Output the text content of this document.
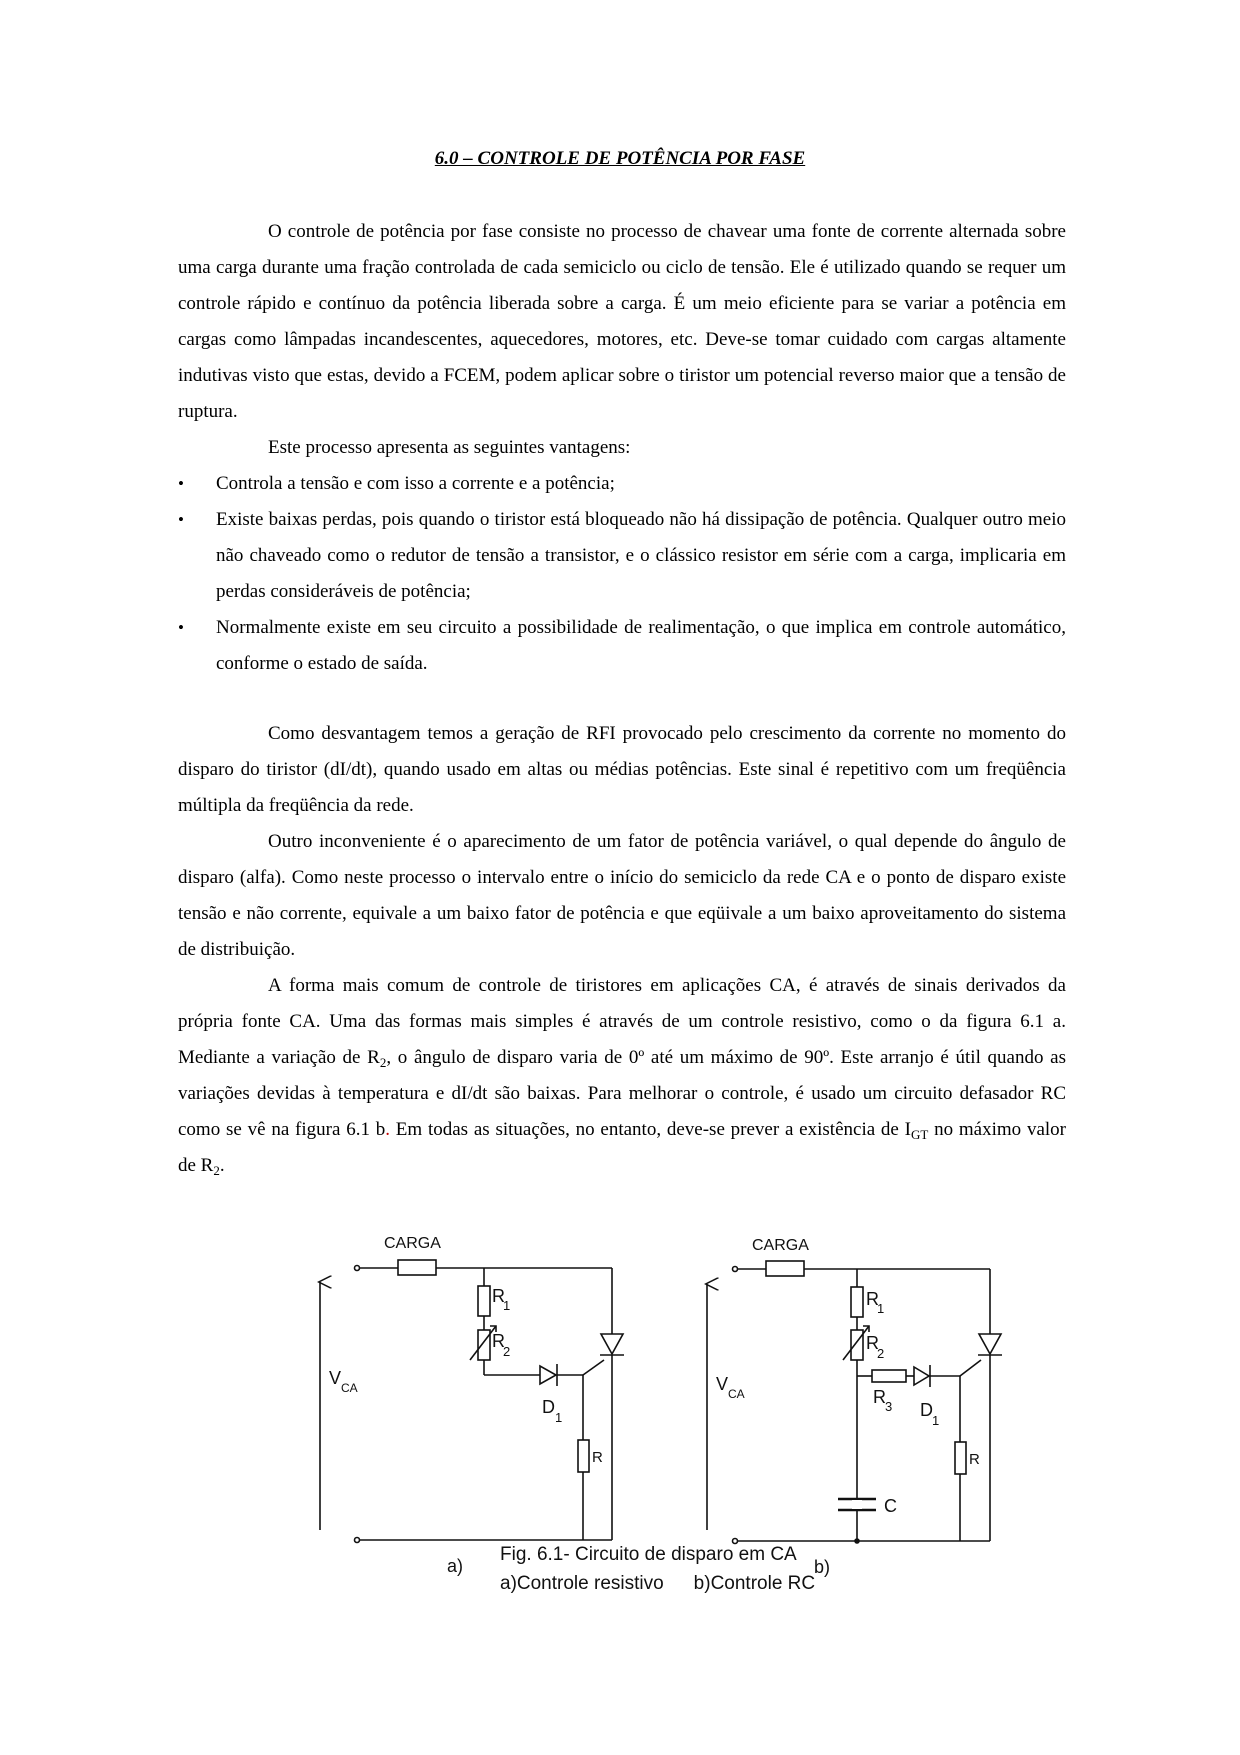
6.0 – CONTROLE DE POTÊNCIA POR FASE

O controle de potência por fase consiste no processo de chavear uma fonte de corrente alternada sobre uma carga durante uma fração controlada de cada semiciclo ou ciclo de tensão. Ele é utilizado quando se requer um controle rápido e contínuo da potência liberada sobre a carga. É um meio eficiente para se variar a potência em cargas como lâmpadas incandescentes, aquecedores, motores, etc. Deve-se tomar cuidado com cargas altamente indutivas visto que estas, devido a FCEM, podem aplicar sobre o tiristor um potencial reverso maior que a tensão de ruptura.

Este processo apresenta as seguintes vantagens:

• Controla a tensão e com isso a corrente e a potência;
• Existe baixas perdas, pois quando o tiristor está bloqueado não há dissipação de potência. Qualquer outro meio não chaveado como o redutor de tensão a transistor, e o clássico resistor em série com a carga, implicaria em perdas consideráveis de potência;
• Normalmente existe em seu circuito a possibilidade de realimentação, o que implica em controle automático, conforme o estado de saída.

Como desvantagem temos a geração de RFI provocado pelo crescimento da corrente no momento do disparo do tiristor (dI/dt), quando usado em altas ou médias potências. Este sinal é repetitivo com um freqüência múltipla da freqüência da rede.

Outro inconveniente é o aparecimento de um fator de potência variável, o qual depende do ângulo de disparo (alfa). Como neste processo o intervalo entre o início do semiciclo da rede CA e o ponto de disparo existe tensão e não corrente, equivale a um baixo fator de potência e que eqüivale a um baixo aproveitamento do sistema de distribuição.

A forma mais comum de controle de tiristores em aplicações CA, é através de sinais derivados da própria fonte CA. Uma das formas mais simples é através de um controle resistivo, como o da figura 6.1 a. Mediante a variação de $R_2$, o ângulo de disparo varia de 0º até um máximo de 90º. Este arranjo é útil quando as variações devidas à temperatura e dI/dt são baixas. Para melhorar o controle, é usado um circuito defasador RC como se vê na figura 6.1 b. Em todas as situações, no entanto, deve-se prever a existência de $I_{GT}$ no máximo valor de $R_2$.

CARGA
R
1
R
2
V CA
D
1
R
a)
CARGA
R
1
R
2
R 3
V CA
D
1
R
C
b)
Fig. 6.1- Circuito de disparo em CA
a)Controle resistivo b)Controle RC
